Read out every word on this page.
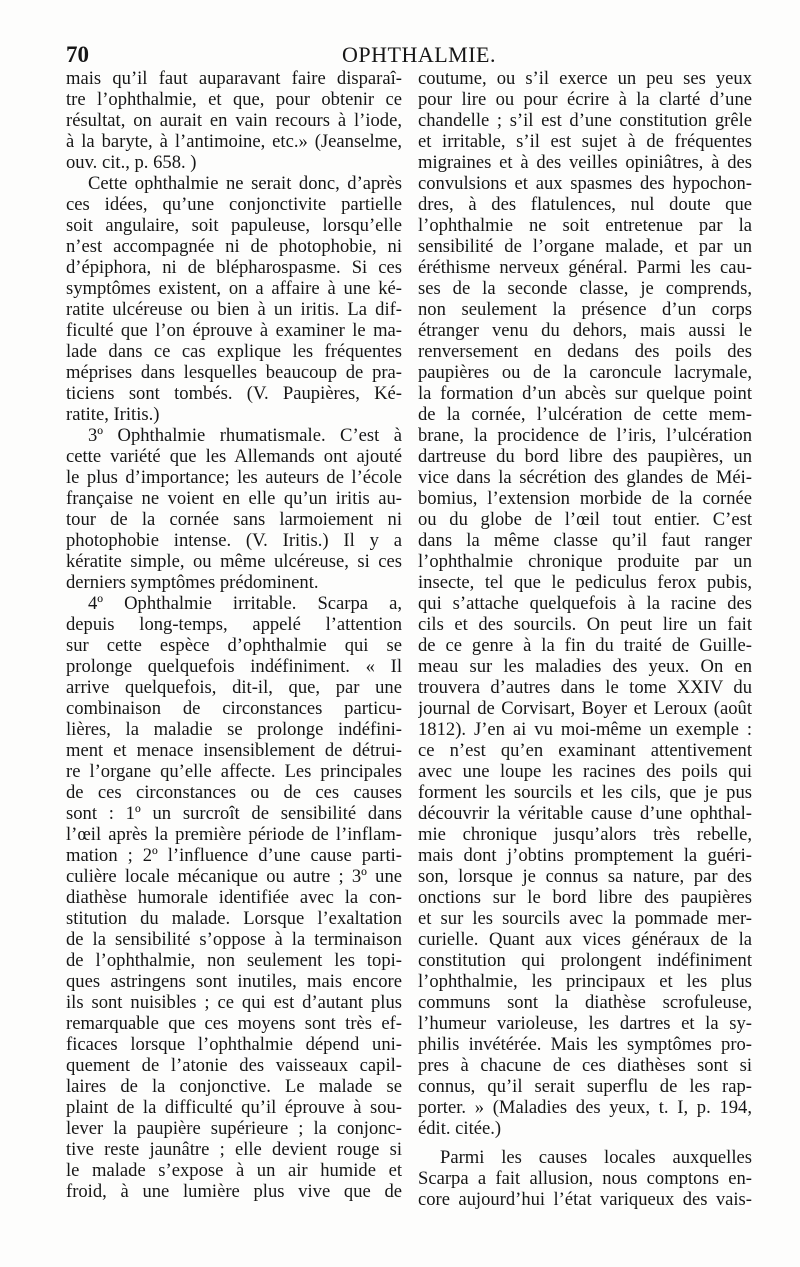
70	OPHTHALMIE.
mais qu’il faut auparavant faire disparaî-
tre l’ophthalmie, et que, pour obtenir ce
résultat, on aurait en vain recours à l’iode,
à la baryte, à l’antimoine, etc.» (Jeanselme,
ouv. cit., p. 658. )
Cette ophthalmie ne serait donc, d’après
ces idées, qu’une conjonctivite partielle
soit angulaire, soit papuleuse, lorsqu’elle
n’est accompagnée ni de photophobie, ni
d’épiphora, ni de blépharospasme. Si ces
symptômes existent, on a affaire à une ké-
ratite ulcéreuse ou bien à un iritis. La dif-
ficulté que l’on éprouve à examiner le ma-
lade dans ce cas explique les fréquentes
méprises dans lesquelles beaucoup de pra-
ticiens sont tombés. (V. Paupières, Ké-
ratite, Iritis.)
3º Ophthalmie rhumatismale. C’est à
cette variété que les Allemands ont ajouté
le plus d’importance; les auteurs de l’école
française ne voient en elle qu’un iritis au-
tour de la cornée sans larmoiement ni
photophobie intense. (V. Iritis.) Il y a
kératite simple, ou même ulcéreuse, si ces
derniers symptômes prédominent.
4º Ophthalmie irritable. Scarpa a,
depuis long-temps, appelé l’attention
sur cette espèce d’ophthalmie qui se
prolonge quelquefois indéfiniment. « Il
arrive quelquefois, dit-il, que, par une
combinaison de circonstances particu-
lières, la maladie se prolonge indéfini-
ment et menace insensiblement de détrui-
re l’organe qu’elle affecte. Les principales
de ces circonstances ou de ces causes
sont : 1º un surcroît de sensibilité dans
l’œil après la première période de l’inflam-
mation ; 2º l’influence d’une cause parti-
culière locale mécanique ou autre ; 3º une
diathèse humorale identifiée avec la con-
stitution du malade. Lorsque l’exaltation
de la sensibilité s’oppose à la terminaison
de l’ophthalmie, non seulement les topi-
ques astringens sont inutiles, mais encore
ils sont nuisibles ; ce qui est d’autant plus
remarquable que ces moyens sont très ef-
ficaces lorsque l’ophthalmie dépend uni-
quement de l’atonie des vaisseaux capil-
laires de la conjonctive. Le malade se
plaint de la difficulté qu’il éprouve à sou-
lever la paupière supérieure ; la conjonc-
tive reste jaunâtre ; elle devient rouge si
le malade s’expose à un air humide et
froid, à une lumière plus vive que de
coutume, ou s’il exerce un peu ses yeux
pour lire ou pour écrire à la clarté d’une
chandelle ; s’il est d’une constitution grêle
et irritable, s’il est sujet à de fréquentes
migraines et à des veilles opiniâtres, à des
convulsions et aux spasmes des hypochon-
dres, à des flatulences, nul doute que
l’ophthalmie ne soit entretenue par la
sensibilité de l’organe malade, et par un
éréthisme nerveux général. Parmi les cau-
ses de la seconde classe, je comprends,
non seulement la présence d’un corps
étranger venu du dehors, mais aussi le
renversement en dedans des poils des
paupières ou de la caroncule lacrymale,
la formation d’un abcès sur quelque point
de la cornée, l’ulcération de cette mem-
brane, la procidence de l’iris, l’ulcération
dartreuse du bord libre des paupières, un
vice dans la sécrétion des glandes de Méi-
bomius, l’extension morbide de la cornée
ou du globe de l’œil tout entier. C’est
dans la même classe qu’il faut ranger
l’ophthalmie chronique produite par un
insecte, tel que le pediculus ferox pubis,
qui s’attache quelquefois à la racine des
cils et des sourcils. On peut lire un fait
de ce genre à la fin du traité de Guille-
meau sur les maladies des yeux. On en
trouvera d’autres dans le tome XXIV du
journal de Corvisart, Boyer et Leroux (août
1812). J’en ai vu moi-même un exemple :
ce n’est qu’en examinant attentivement
avec une loupe les racines des poils qui
forment les sourcils et les cils, que je pus
découvrir la véritable cause d’une ophthal-
mie chronique jusqu’alors très rebelle,
mais dont j’obtins promptement la guéri-
son, lorsque je connus sa nature, par des
onctions sur le bord libre des paupières
et sur les sourcils avec la pommade mer-
curielle. Quant aux vices généraux de la
constitution qui prolongent indéfiniment
l’ophthalmie, les principaux et les plus
communs sont la diathèse scrofuleuse,
l’humeur varioleuse, les dartres et la sy-
philis invétérée. Mais les symptômes pro-
pres à chacune de ces diathèses sont si
connus, qu’il serait superflu de les rap-
porter. » (Maladies des yeux, t. I, p. 194,
édit. citée.)
Parmi les causes locales auxquelles
Scarpa a fait allusion, nous comptons en-
core aujourd’hui l’état variqueux des vais-
